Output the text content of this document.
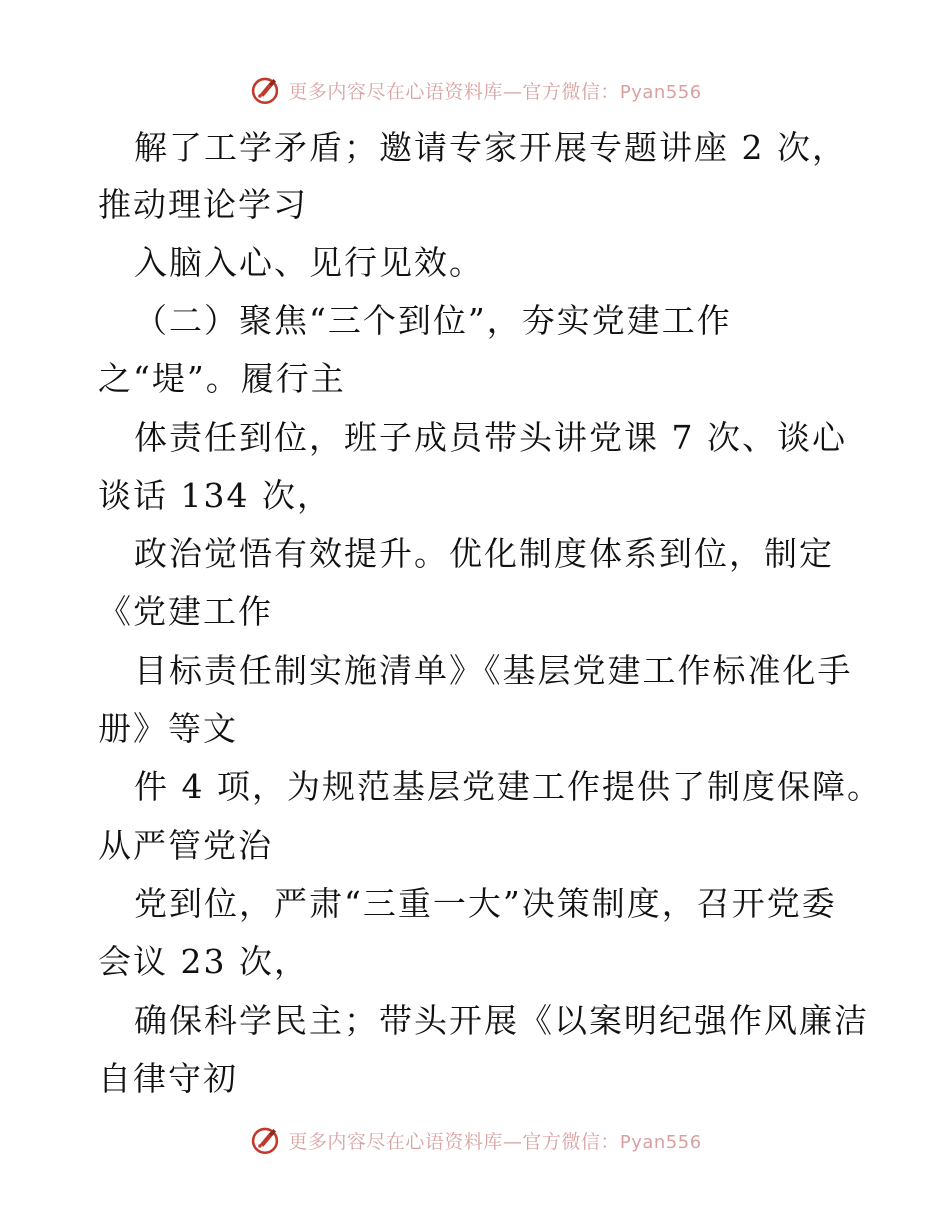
更多内容尽在心语资料库—官方微信：Pyan556
解了工学矛盾；邀请专家开展专题讲座 2 次，
推动理论学习
入脑入心、见行见效。
（二）聚焦“三个到位”，夯实党建工作
之“堤”。履行主
体责任到位，班子成员带头讲党课 7 次、谈心
谈话 134 次，
政治觉悟有效提升。优化制度体系到位，制定
《党建工作
目标责任制实施清单》《基层党建工作标准化手
册》等文
件 4 项，为规范基层党建工作提供了制度保障。
从严管党治
党到位，严肃“三重一大”决策制度，召开党委
会议 23 次，
确保科学民主；带头开展《以案明纪强作风廉洁
自律守初
更多内容尽在心语资料库—官方微信：Pyan556
